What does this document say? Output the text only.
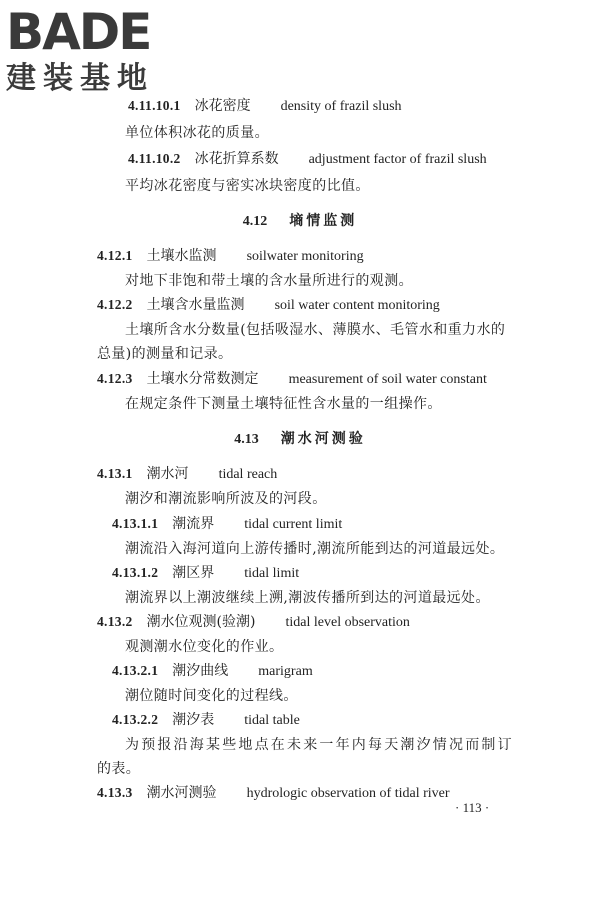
BADE
建装基地
4.11.10.1 冰花密度 density of frazil slush
单位体积冰花的质量。
4.11.10.2 冰花折算系数 adjustment factor of frazil slush
平均冰花密度与密实冰块密度的比值。
4.12 墒情监测
4.12.1 土壤水监测 soilwater monitoring
对地下非饱和带土壤的含水量所进行的观测。
4.12.2 土壤含水量监测 soil water content monitoring
土壤所含水分数量(包括吸湿水、薄膜水、毛管水和重力水的
总量)的测量和记录。
4.12.3 土壤水分常数测定 measurement of soil water constant
在规定条件下测量土壤特征性含水量的一组操作。
4.13 潮水河测验
4.13.1 潮水河 tidal reach
潮汐和潮流影响所波及的河段。
4.13.1.1 潮流界 tidal current limit
潮流沿入海河道向上游传播时,潮流所能到达的河道最远处。
4.13.1.2 潮区界 tidal limit
潮流界以上潮波继续上溯,潮波传播所到达的河道最远处。
4.13.2 潮水位观测(验潮) tidal level observation
观测潮水位变化的作业。
4.13.2.1 潮汐曲线 marigram
潮位随时间变化的过程线。
4.13.2.2 潮汐表 tidal table
为预报沿海某些地点在未来一年内每天潮汐情况而制订
的表。
4.13.3 潮水河测验 hydrologic observation of tidal river
· 113 ·
